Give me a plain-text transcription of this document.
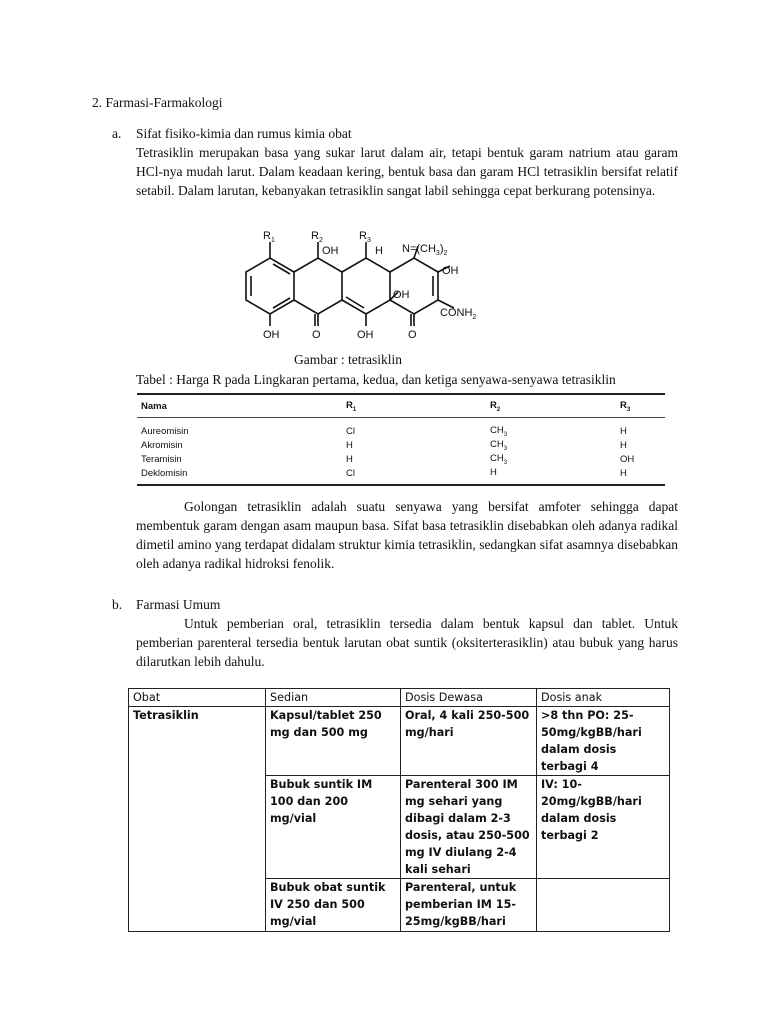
2. Farmasi-Farmakologi
a. Sifat fisiko-kimia dan rumus kimia obat
Tetrasiklin merupakan basa yang sukar larut dalam air, tetapi bentuk garam natrium atau garam HCl-nya mudah larut. Dalam keadaan kering, bentuk basa dan garam HCl tetrasiklin bersifat relatif setabil. Dalam larutan, kebanyakan tetrasiklin sangat labil sehingga cepat berkurang potensinya.
$R_1$	$R_2$	$R_3$
OH	H $N=(CH_3)_2$
OH
OH
$CONH_2$
OH	O	OH	O
Gambar : tetrasiklin
Tabel : Harga R pada Lingkaran pertama, kedua, dan ketiga senyawa-senyawa tetrasiklin
Nama	$R_1$	$R_2$	$R_3$
Aureomisin	Cl	$CH_3$	H
Akromisin	H	$CH_3$	H
Teramisin	H	$CH_3$	OH
Deklomisin	Cl	H	H
Golongan tetrasiklin adalah suatu senyawa yang bersifat amfoter sehingga dapat membentuk garam dengan asam maupun basa. Sifat basa tetrasiklin disebabkan oleh adanya radikal dimetil amino yang terdapat didalam struktur kimia tetrasiklin, sedangkan sifat asamnya disebabkan oleh adanya radikal hidroksi fenolik.
b. Farmasi Umum
Untuk pemberian oral, tetrasiklin tersedia dalam bentuk kapsul dan tablet. Untuk pemberian parenteral tersedia bentuk larutan obat suntik (oksiterterasiklin) atau bubuk yang harus dilarutkan lebih dahulu.
Obat	Sedian	Dosis Dewasa	Dosis anak
Tetrasiklin	Kapsul/tablet 250 mg dan 500 mg	Oral, 4 kali 250-500 mg/hari	>8 thn PO: 25-50mg/kgBB/hari dalam dosis terbagi 4
	Bubuk suntik IM 100 dan 200 mg/vial	Parenteral 300 IM mg sehari yang dibagi dalam 2-3 dosis, atau 250-500 mg IV diulang 2-4 kali sehari	IV: 10-20mg/kgBB/hari dalam dosis terbagi 2
	Bubuk obat suntik IV 250 dan 500 mg/vial	Parenteral, untuk pemberian IM 15-25mg/kgBB/hari	
